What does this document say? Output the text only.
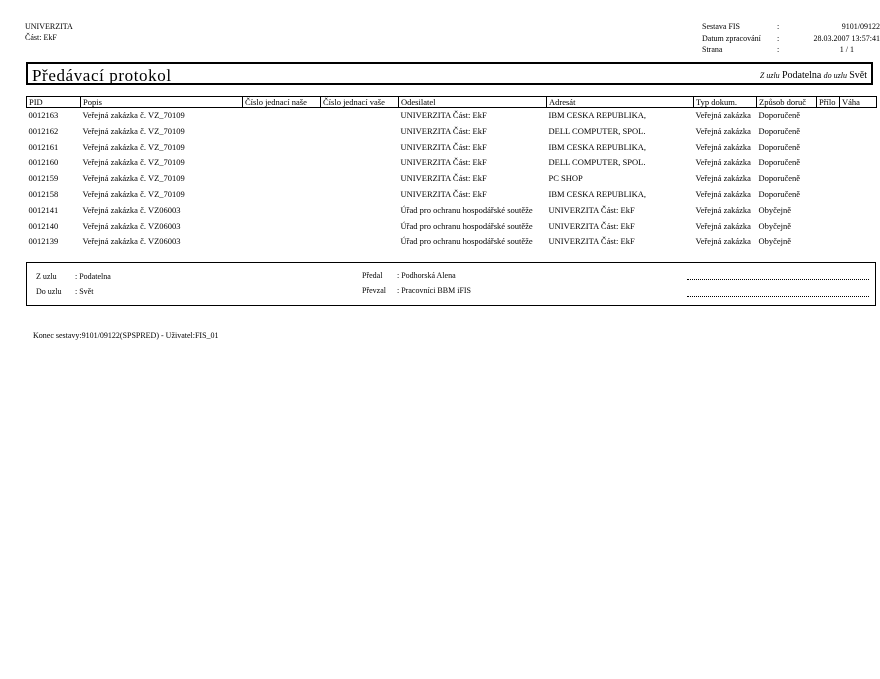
UNIVERZITA
Část: EkF
Sestava FIS	:	9101/09122
Datum zpracování :	28.03.2007 13:57:41
Strana	:	1 / 1
Předávací protokol	Z uzlu Podatelna do uzlu Svět
PID	Popis	Číslo jednací naše	Číslo jednací vaše	Odesilatel	Adresát	Typ dokum.	Způsob doruč	Přílo	Váha
0012163	Veřejná zakázka č. VZ_70109			UNIVERZITA Část: EkF	IBM CESKA REPUBLIKA,	Veřejná zakázka	Doporučeně		
0012162	Veřejná zakázka č. VZ_70109			UNIVERZITA Část: EkF	DELL COMPUTER, SPOL.	Veřejná zakázka	Doporučeně		
0012161	Veřejná zakázka č. VZ_70109			UNIVERZITA Část: EkF	IBM CESKA REPUBLIKA,	Veřejná zakázka	Doporučeně		
0012160	Veřejná zakázka č. VZ_70109			UNIVERZITA Část: EkF	DELL COMPUTER, SPOL.	Veřejná zakázka	Doporučeně		
0012159	Veřejná zakázka č. VZ_70109			UNIVERZITA Část: EkF	PC SHOP	Veřejná zakázka	Doporučeně		
0012158	Veřejná zakázka č. VZ_70109			UNIVERZITA Část: EkF	IBM CESKA REPUBLIKA,	Veřejná zakázka	Doporučeně		
0012141	Veřejná zakázka č. VZ06003			Úřad pro ochranu hospodářské soutěže	UNIVERZITA Část: EkF	Veřejná zakázka	Obyčejně		
0012140	Veřejná zakázka č. VZ06003			Úřad pro ochranu hospodářské soutěže	UNIVERZITA Část: EkF	Veřejná zakázka	Obyčejně		
0012139	Veřejná zakázka č. VZ06003			Úřad pro ochranu hospodářské soutěže	UNIVERZITA Část: EkF	Veřejná zakázka	Obyčejně		
Z uzlu : Podatelna
Do uzlu : Svět
Předal : Podhorská Alena
Převzal : Pracovníci BBM iFIS
Konec sestavy:9101/09122(SPSPRED) - Uživatel:FIS_01
